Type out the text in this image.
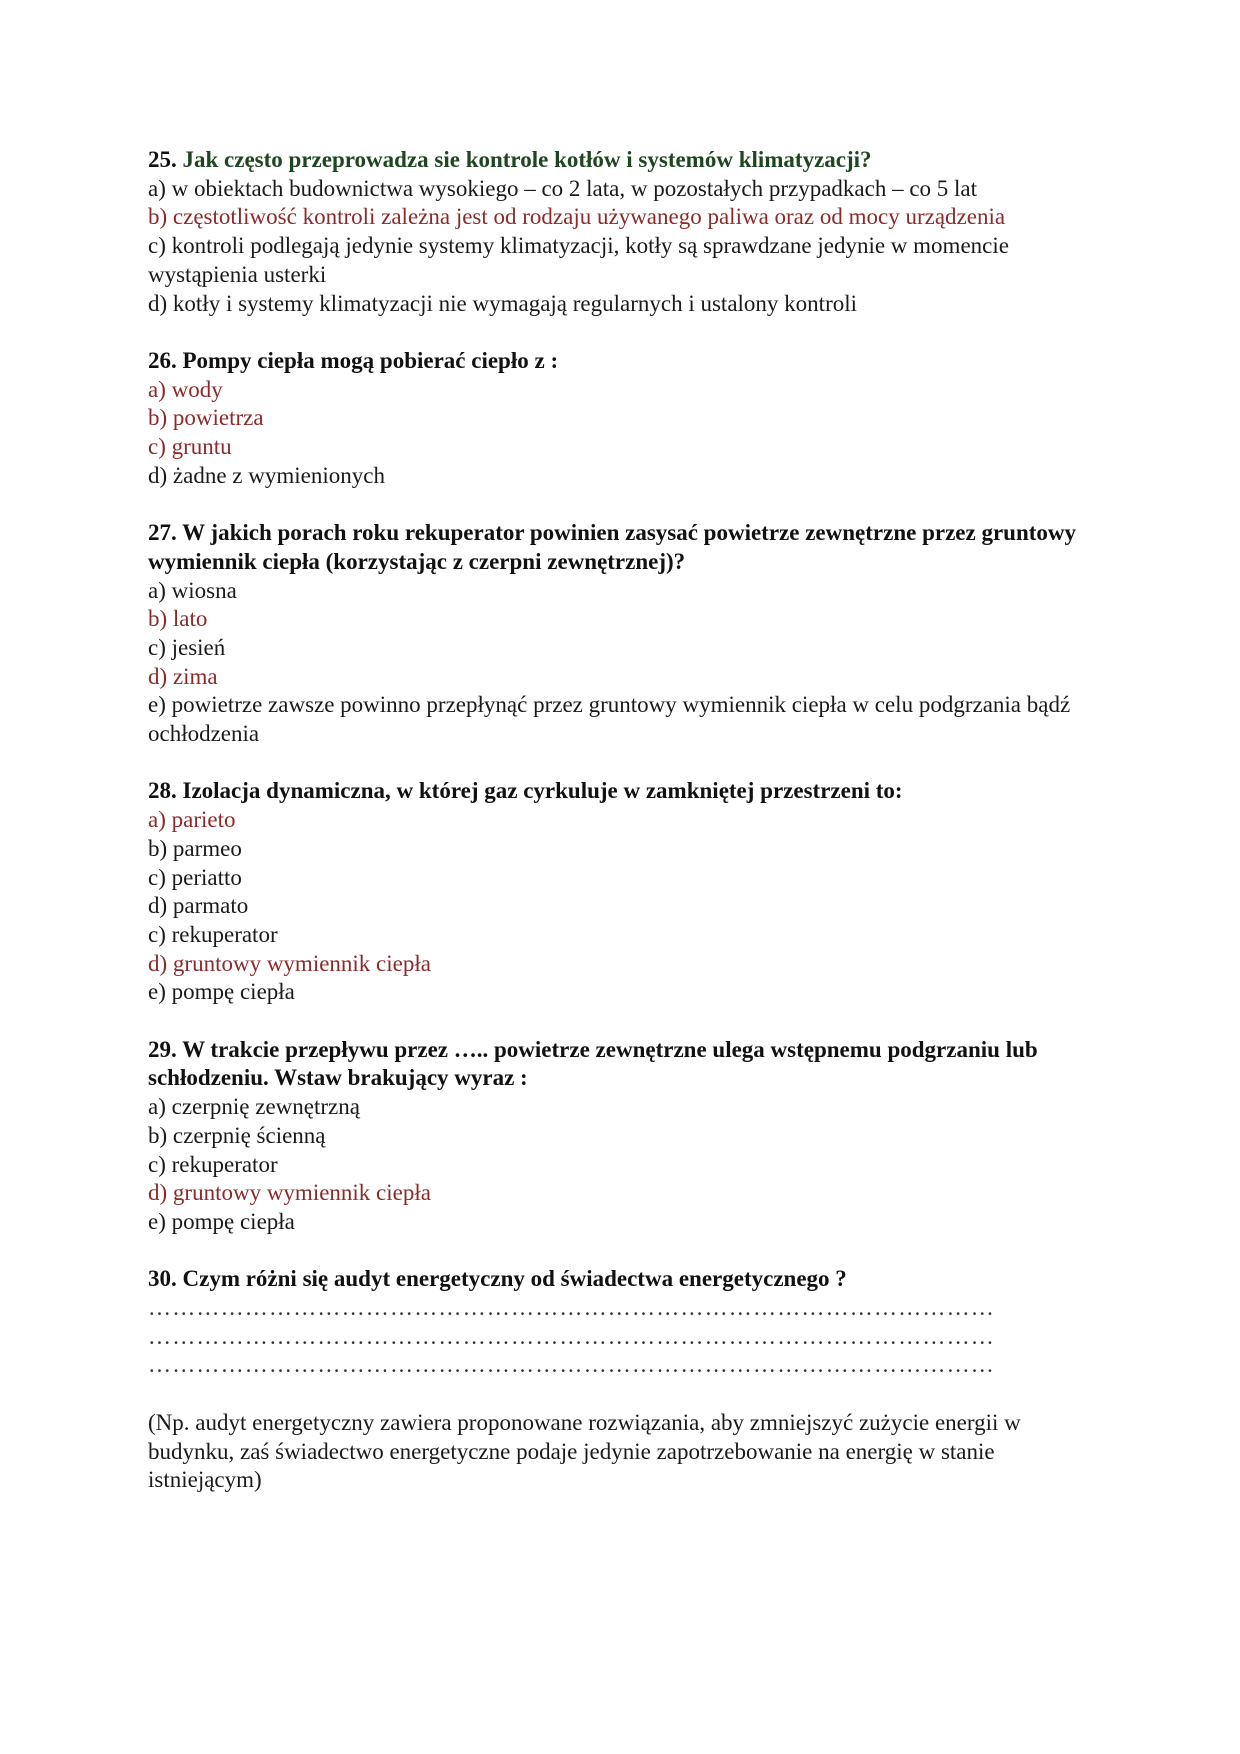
25. Jak często przeprowadza sie kontrole kotłów i systemów klimatyzacji?

a) w obiektach budownictwa wysokiego – co 2 lata, w pozostałych przypadkach – co 5 lat

b) częstotliwość kontroli zależna jest od rodzaju używanego paliwa oraz od mocy urządzenia

c) kontroli podlegają jedynie systemy klimatyzacji, kotły są sprawdzane jedynie w momencie wystąpienia usterki

d) kotły i systemy klimatyzacji nie wymagają regularnych i ustalony kontroli

26. Pompy ciepła mogą pobierać ciepło z :

a) wody

b) powietrza

c) gruntu

d) żadne z wymienionych

27. W jakich porach roku rekuperator powinien zasysać powietrze zewnętrzne przez gruntowy wymiennik ciepła (korzystając z czerpni zewnętrznej)?

a) wiosna

b) lato

c) jesień

d) zima

e) powietrze zawsze powinno przepłynąć przez gruntowy wymiennik ciepła w celu podgrzania bądź ochłodzenia

28. Izolacja dynamiczna, w której gaz cyrkuluje w zamkniętej przestrzeni to:

a) parieto

b) parmeo

c) periatto

d) parmato

c) rekuperator

d) gruntowy wymiennik ciepła

e) pompę ciepła

29. W trakcie przepływu przez ….. powietrze zewnętrzne ulega wstępnemu podgrzaniu lub schłodzeniu. Wstaw brakujący wyraz :

a) czerpnię zewnętrzną

b) czerpnię ścienną

c) rekuperator

d) gruntowy wymiennik ciepła

e) pompę ciepła

30. Czym różni się audyt energetyczny od świadectwa energetycznego ?

……………………………………………………………………………………………

……………………………………………………………………………………………

……………………………………………………………………………………………

(Np. audyt energetyczny zawiera proponowane rozwiązania, aby zmniejszyć zużycie energii w budynku, zaś świadectwo energetyczne podaje jedynie zapotrzebowanie na energię w stanie istniejącym)
